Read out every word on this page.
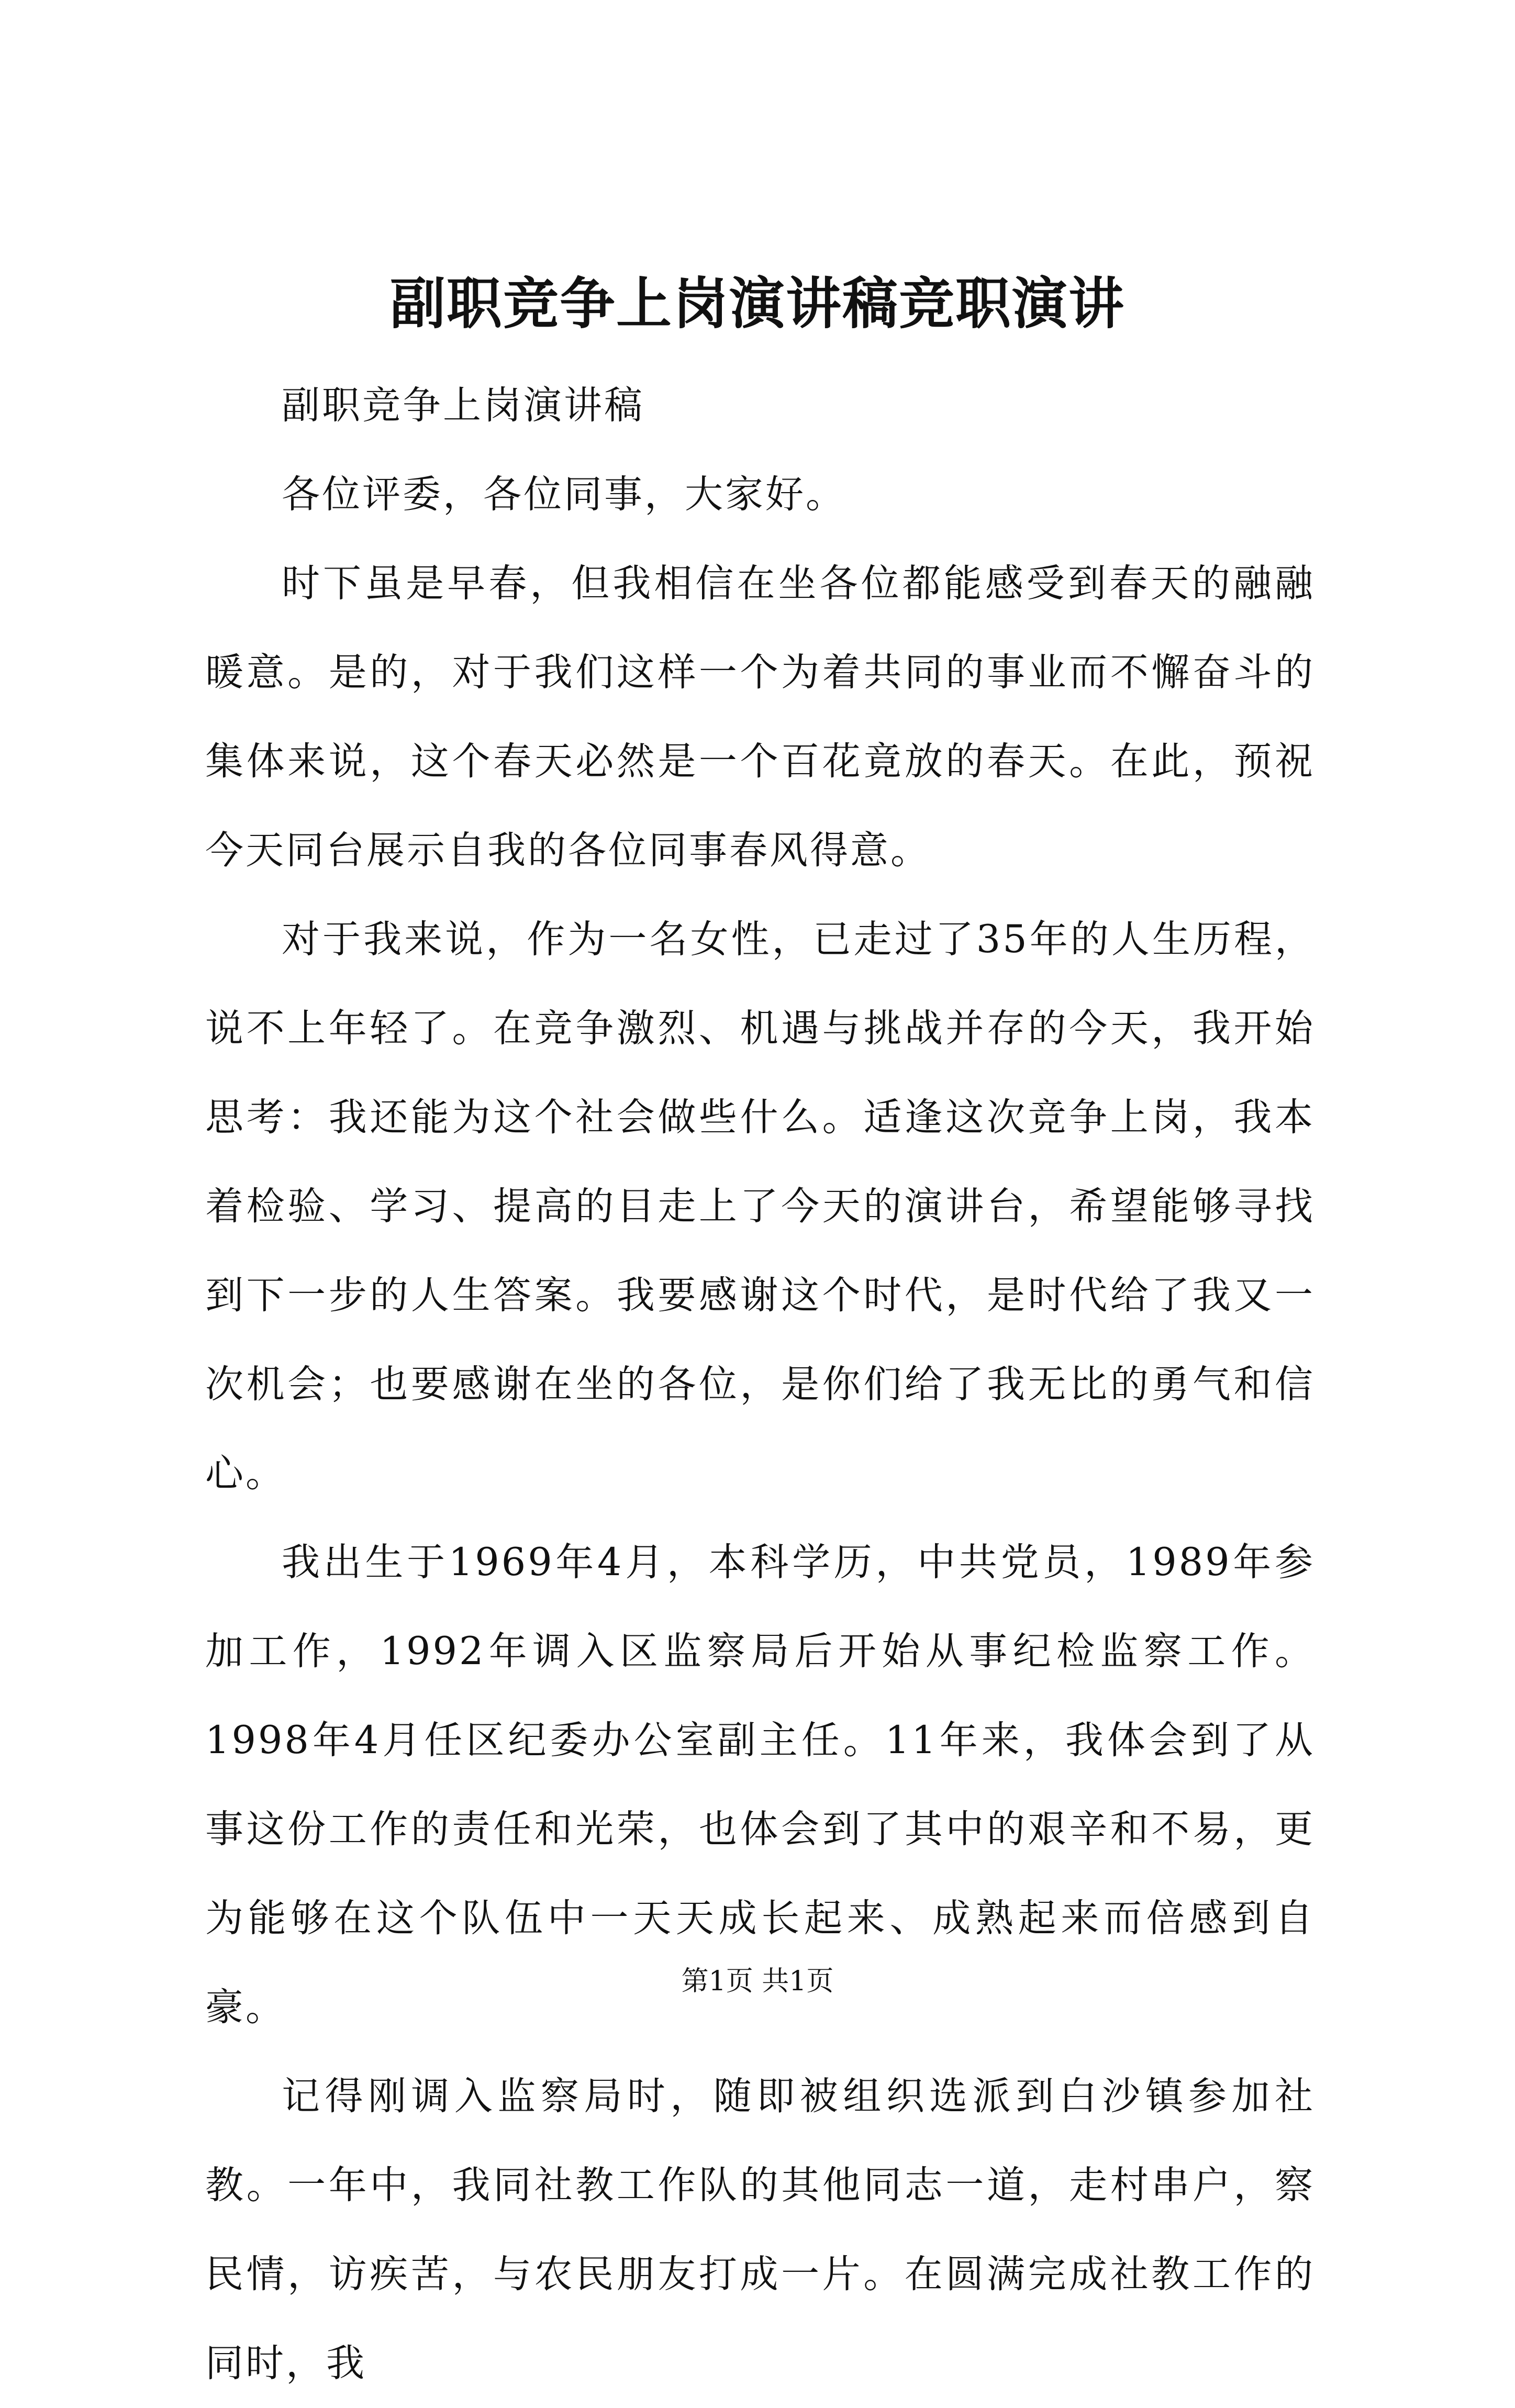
副职竞争上岗演讲稿竞职演讲

副职竞争上岗演讲稿

各位评委，各位同事，大家好。

时下虽是早春，但我相信在坐各位都能感受到春天的融融暖意。是的，对于我们这样一个为着共同的事业而不懈奋斗的集体来说，这个春天必然是一个百花竟放的春天。在此，预祝今天同台展示自我的各位同事春风得意。

对于我来说，作为一名女性，已走过了35年的人生历程，说不上年轻了。在竞争激烈、机遇与挑战并存的今天，我开始思考：我还能为这个社会做些什么。适逢这次竞争上岗，我本着检验、学习、提高的目走上了今天的演讲台，希望能够寻找到下一步的人生答案。我要感谢这个时代，是时代给了我又一次机会；也要感谢在坐的各位，是你们给了我无比的勇气和信心。

我出生于1969年4月，本科学历，中共党员，1989年参加工作，1992年调入区监察局后开始从事纪检监察工作。1998年4月任区纪委办公室副主任。11年来，我体会到了从事这份工作的责任和光荣，也体会到了其中的艰辛和不易，更为能够在这个队伍中一天天成长起来、成熟起来而倍感到自豪。

记得刚调入监察局时，随即被组织选派到白沙镇参加社教。一年中，我同社教工作队的其他同志一道，走村串户，察民情，访疾苦，与农民朋友打成一片。在圆满完成社教工作的同时，我

第1页 共1页
